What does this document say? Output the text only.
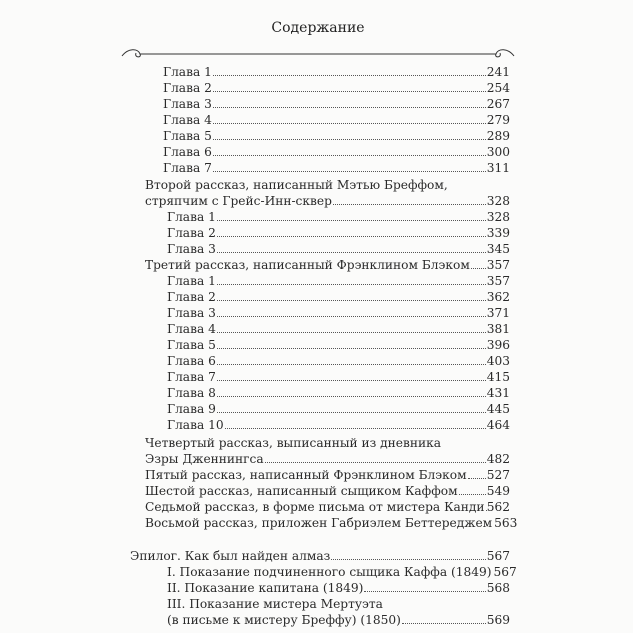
Содержание
Глава 1	241
Глава 2	254
Глава 3	267
Глава 4	279
Глава 5	289
Глава 6	300
Глава 7	311
Второй рассказ, написанный Мэтью Бреффом,
стряпчим с Грейс-Инн-сквер	328
Глава 1	328
Глава 2	339
Глава 3	345
Третий рассказ, написанный Фрэнклином Блэком 357
Глава 1	357
Глава 2	362
Глава 3	371
Глава 4	381
Глава 5	396
Глава 6	403
Глава 7	415
Глава 8	431
Глава 9	445
Глава 10	464
Четвертый рассказ, выписанный из дневника
Эзры Дженнингса	482
Пятый рассказ, написанный Фрэнклином Блэком 527
Шестой рассказ, написанный сыщиком Каффом 549
Седьмой рассказ, в форме письма от мистера Канди 562
Восьмой рассказ, приложен Габриэлем Беттереджем 563
Эпилог. Как был найден алмаз	567
I. Показание подчиненного сыщика Каффа (1849) 567
II. Показание капитана (1849)	568
III. Показание мистера Мертуэта
(в письме к мистеру Бреффу) (1850)	569
